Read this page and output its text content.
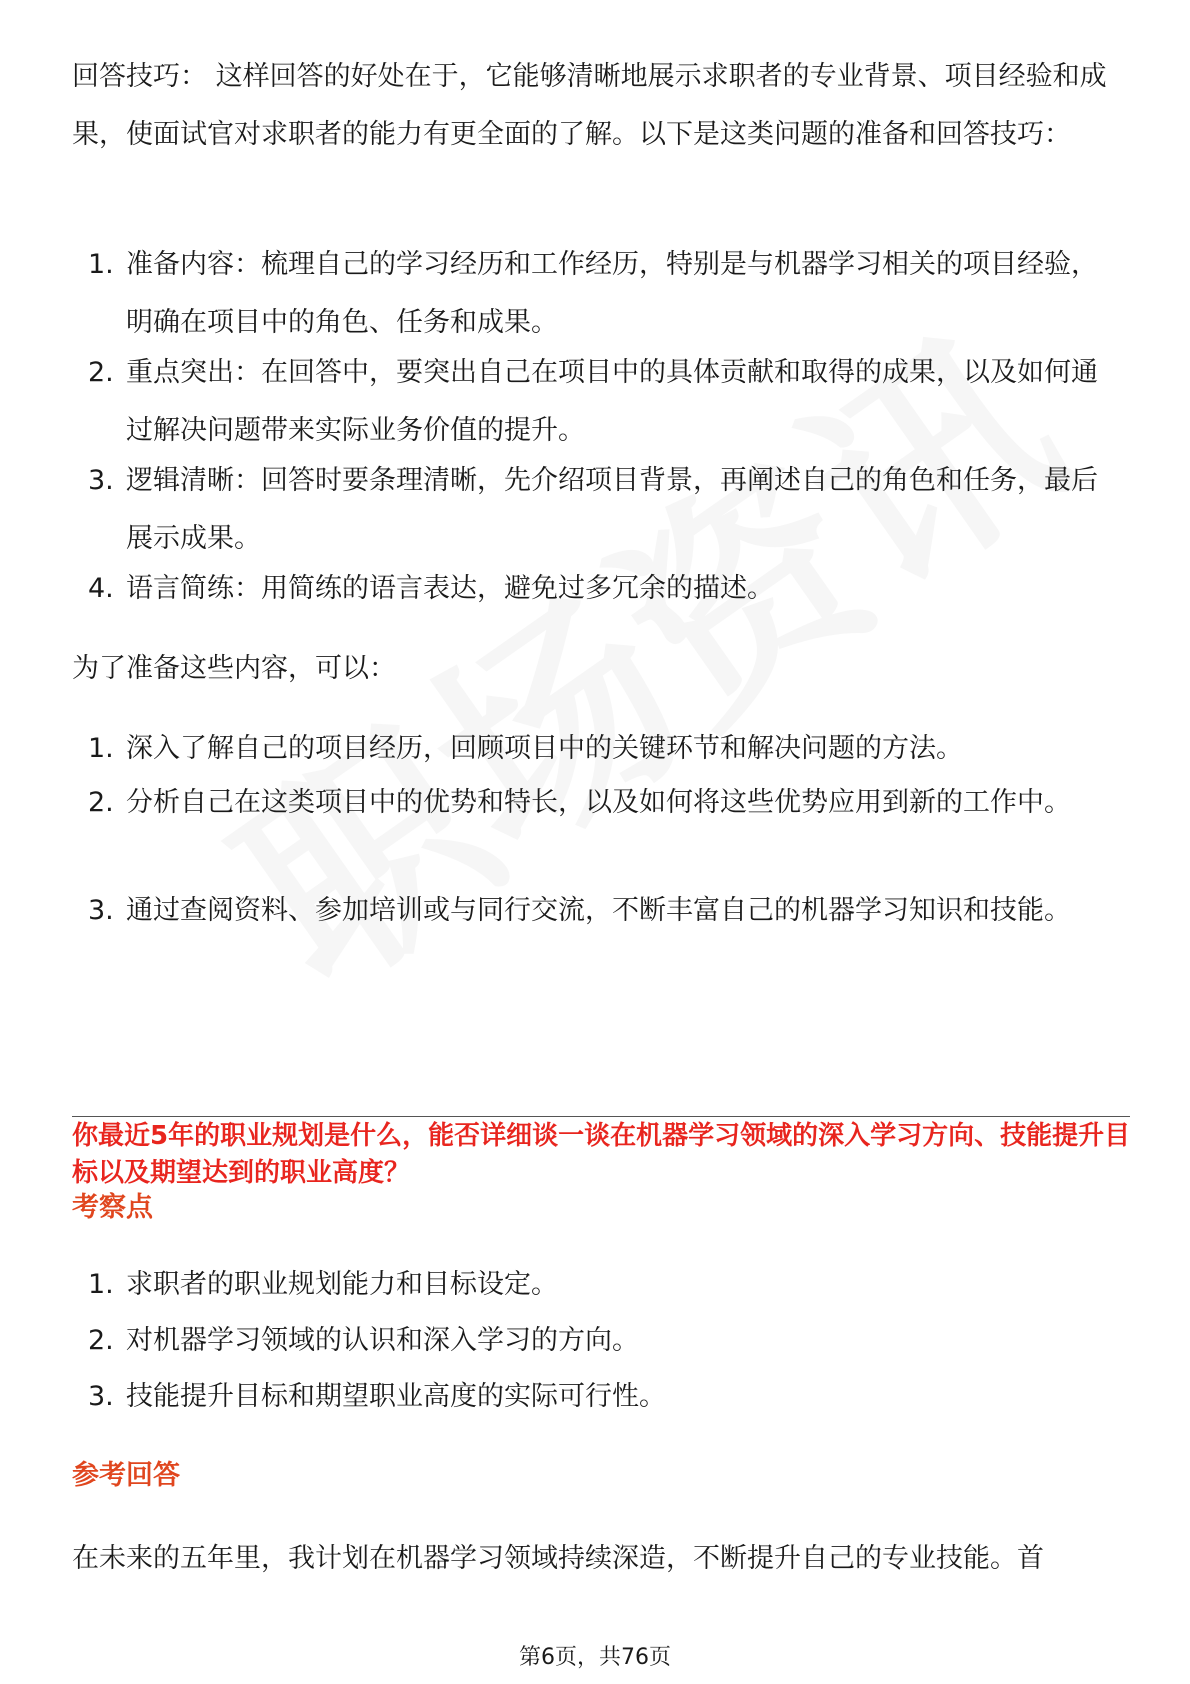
回答技巧： 这样回答的好处在于，它能够清晰地展示求职者的专业背景、项目经验和成果，使面试官对求职者的能力有更全面的了解。以下是这类问题的准备和回答技巧：

1. 准备内容：梳理自己的学习经历和工作经历，特别是与机器学习相关的项目经验，明确在项目中的角色、任务和成果。
2. 重点突出：在回答中，要突出自己在项目中的具体贡献和取得的成果，以及如何通过解决问题带来实际业务价值的提升。
3. 逻辑清晰：回答时要条理清晰，先介绍项目背景，再阐述自己的角色和任务，最后展示成果。
4. 语言简练：用简练的语言表达，避免过多冗余的描述。

为了准备这些内容，可以：

1. 深入了解自己的项目经历，回顾项目中的关键环节和解决问题的方法。
2. 分析自己在这类项目中的优势和特长，以及如何将这些优势应用到新的工作中。
3. 通过查阅资料、参加培训或与同行交流，不断丰富自己的机器学习知识和技能。
你最近5年的职业规划是什么，能否详细谈一谈在机器学习领域的深入学习方向、技能提升目标以及期望达到的职业高度？
考察点
1. 求职者的职业规划能力和目标设定。
2. 对机器学习领域的认识和深入学习的方向。
3. 技能提升目标和期望职业高度的实际可行性。
参考回答

在未来的五年里，我计划在机器学习领域持续深造，不断提升自己的专业技能。首

第6页，共76页
